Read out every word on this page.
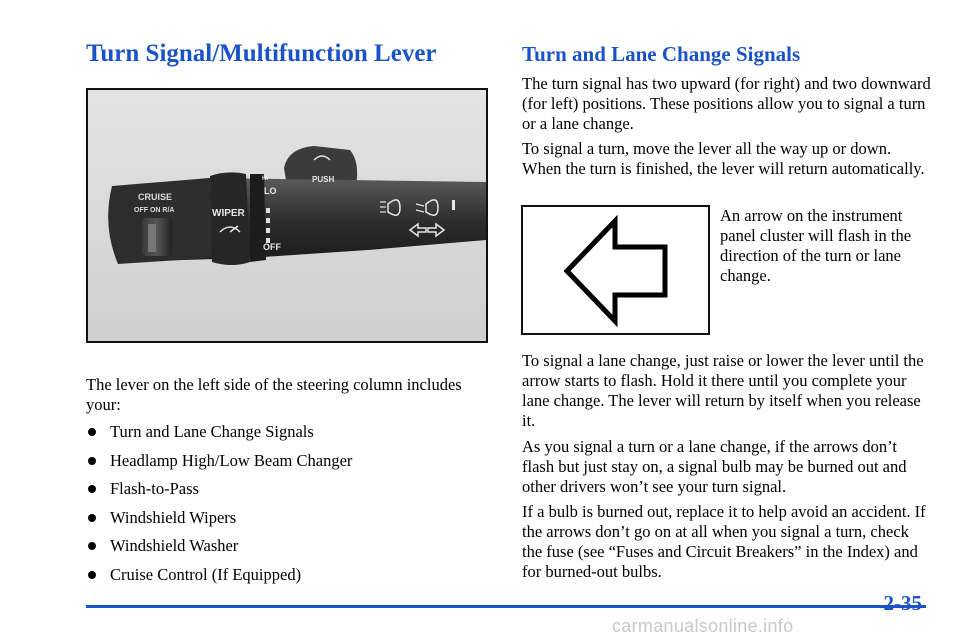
Turn Signal/Multifunction Lever
CRUISE
OFF ON R/A	WIPER
LO
OFF
PUSH
HI

The lever on the left side of the steering column includes your:

Turn and Lane Change Signals
Headlamp High/Low Beam Changer
Flash-to-Pass
Windshield Wipers
Windshield Washer
Cruise Control (If Equipped)
Turn and Lane Change Signals

The turn signal has two upward (for right) and two downward (for left) positions. These positions allow you to signal a turn or a lane change.

To signal a turn, move the lever all the way up or down. When the turn is finished, the lever will return automatically.

An arrow on the instrument panel cluster will flash in the direction of the turn or lane change.

To signal a lane change, just raise or lower the lever until the arrow starts to flash. Hold it there until you complete your lane change. The lever will return by itself when you release it.

As you signal a turn or a lane change, if the arrows don’t flash but just stay on, a signal bulb may be burned out and other drivers won’t see your turn signal.

If a bulb is burned out, replace it to help avoid an accident. If the arrows don’t go on at all when you signal a turn, check the fuse (see “Fuses and Circuit Breakers” in the Index) and for burned-out bulbs.

2-35
carmanualsonline.info
